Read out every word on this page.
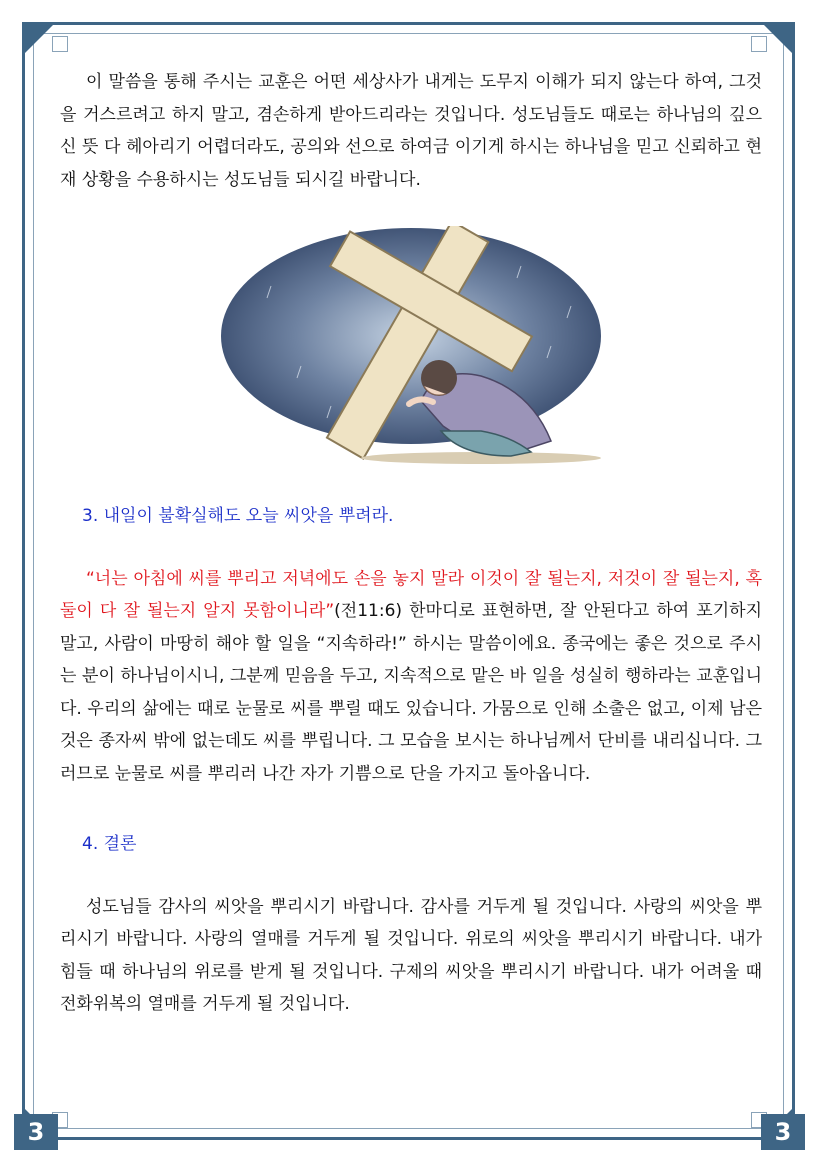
3	3

이 말씀을 통해 주시는 교훈은 어떤 세상사가 내게는 도무지 이해가 되지 않는다 하여, 그것을 거스르려고 하지 말고, 겸손하게 받아드리라는 것입니다. 성도님들도 때로는 하나님의 깊으신 뜻 다 헤아리기 어렵더라도, 공의와 선으로 하여금 이기게 하시는 하나님을 믿고 신뢰하고 현재 상황을 수용하시는 성도님들 되시길 바랍니다.

3. 내일이 불확실해도 오늘 씨앗을 뿌려라.

“너는 아침에 씨를 뿌리고 저녁에도 손을 놓지 말라 이것이 잘 될는지, 저것이 잘 될는지, 혹 둘이 다 잘 될는지 알지 못함이니라”(전11:6) 한마디로 표현하면, 잘 안된다고 하여 포기하지 말고, 사람이 마땅히 해야 할 일을 “지속하라!” 하시는 말씀이에요. 종국에는 좋은 것으로 주시는 분이 하나님이시니, 그분께 믿음을 두고, 지속적으로 맡은 바 일을 성실히 행하라는 교훈입니다. 우리의 삶에는 때로 눈물로 씨를 뿌릴 때도 있습니다. 가뭄으로 인해 소출은 없고, 이제 남은 것은 종자씨 밖에 없는데도 씨를 뿌립니다. 그 모습을 보시는 하나님께서 단비를 내리십니다. 그러므로 눈물로 씨를 뿌리러 나간 자가 기쁨으로 단을 가지고 돌아옵니다.

4. 결론

성도님들 감사의 씨앗을 뿌리시기 바랍니다. 감사를 거두게 될 것입니다. 사랑의 씨앗을 뿌리시기 바랍니다. 사랑의 열매를 거두게 될 것입니다. 위로의 씨앗을 뿌리시기 바랍니다. 내가 힘들 때 하나님의 위로를 받게 될 것입니다. 구제의 씨앗을 뿌리시기 바랍니다. 내가 어려울 때 전화위복의 열매를 거두게 될 것입니다.
